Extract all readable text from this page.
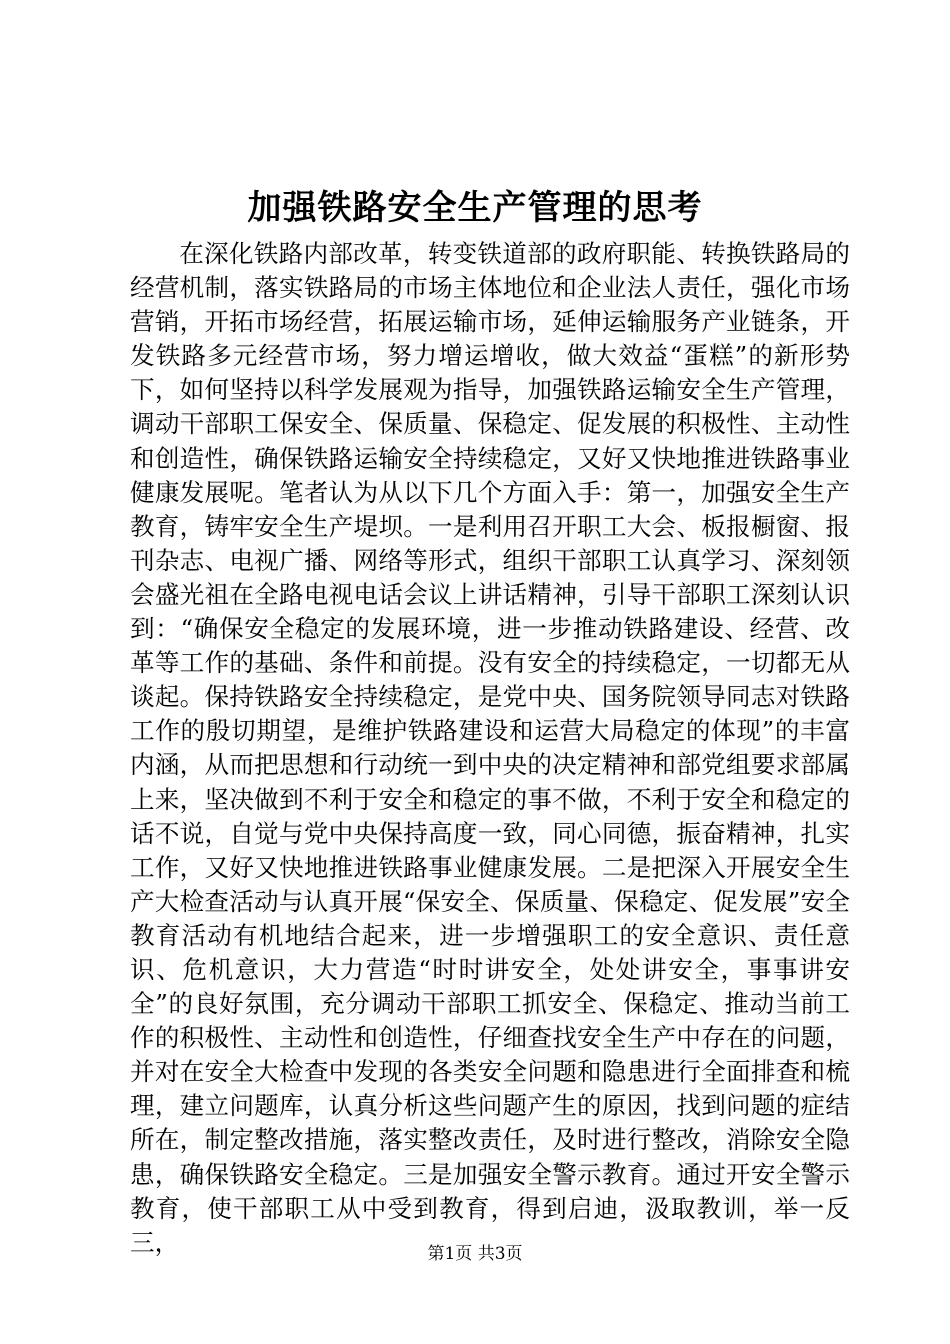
加强铁路安全生产管理的思考

在深化铁路内部改革，转变铁道部的政府职能、转换铁路局的经营机制，落实铁路局的市场主体地位和企业法人责任，强化市场营销，开拓市场经营，拓展运输市场，延伸运输服务产业链条，开发铁路多元经营市场，努力增运增收，做大效益“蛋糕”的新形势下，如何坚持以科学发展观为指导，加强铁路运输安全生产管理，调动干部职工保安全、保质量、保稳定、促发展的积极性、主动性和创造性，确保铁路运输安全持续稳定，又好又快地推进铁路事业健康发展呢。笔者认为从以下几个方面入手：第一，加强安全生产教育，铸牢安全生产堤坝。一是利用召开职工大会、板报橱窗、报刊杂志、电视广播、网络等形式，组织干部职工认真学习、深刻领会盛光祖在全路电视电话会议上讲话精神，引导干部职工深刻认识到：“确保安全稳定的发展环境，进一步推动铁路建设、经营、改革等工作的基础、条件和前提。没有安全的持续稳定，一切都无从谈起。保持铁路安全持续稳定，是党中央、国务院领导同志对铁路工作的殷切期望，是维护铁路建设和运营大局稳定的体现”的丰富内涵，从而把思想和行动统一到中央的决定精神和部党组要求部属上来，坚决做到不利于安全和稳定的事不做，不利于安全和稳定的话不说，自觉与党中央保持高度一致，同心同德，振奋精神，扎实工作，又好又快地推进铁路事业健康发展。二是把深入开展安全生产大检查活动与认真开展“保安全、保质量、保稳定、促发展”安全教育活动有机地结合起来，进一步增强职工的安全意识、责任意识、危机意识，大力营造“时时讲安全，处处讲安全，事事讲安全”的良好氛围，充分调动干部职工抓安全、保稳定、推动当前工作的积极性、主动性和创造性，仔细查找安全生产中存在的问题，并对在安全大检查中发现的各类安全问题和隐患进行全面排查和梳理，建立问题库，认真分析这些问题产生的原因，找到问题的症结所在，制定整改措施，落实整改责任，及时进行整改，消除安全隐患，确保铁路安全稳定。三是加强安全警示教育。通过开安全警示教育，使干部职工从中受到教育，得到启迪，汲取教训，举一反三，	第1页 共3页
